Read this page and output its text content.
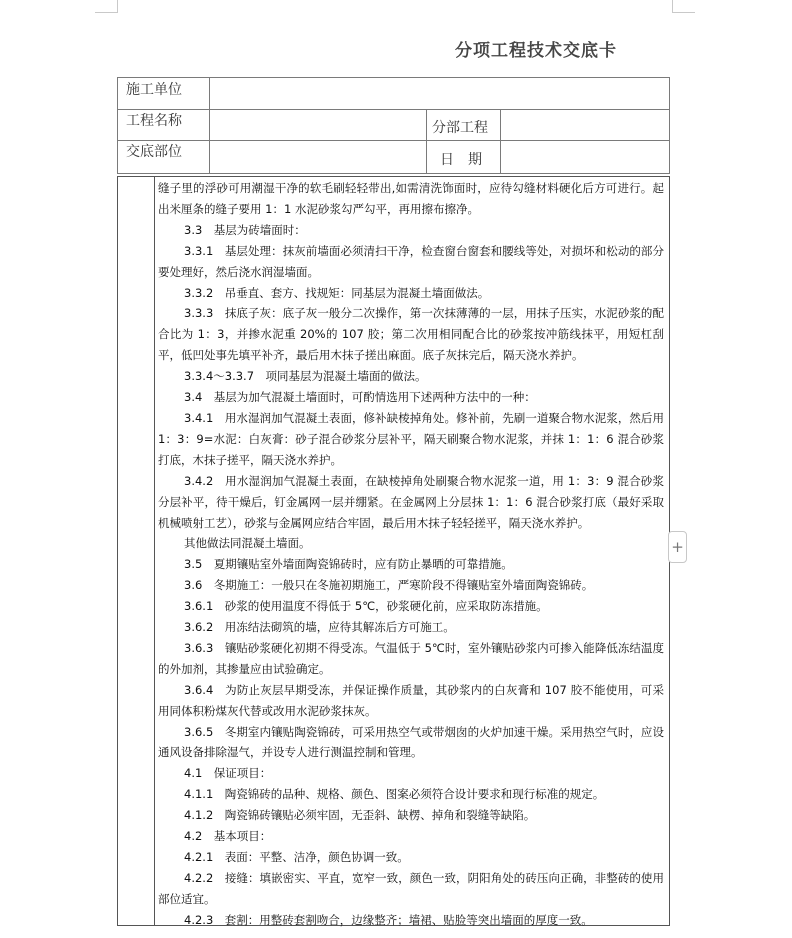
分项工程技术交底卡
施工单位
工程名称	分部工程
交底部位	日　期

缝子里的浮砂可用潮湿干净的软毛刷轻轻带出,如需清洗饰面时，应待勾缝材料硬化后方可进行。起出米厘条的缝子要用 1：1 水泥砂浆勾严勾平，再用擦布擦净。

3.3　基层为砖墙面时：

3.3.1　基层处理：抹灰前墙面必须清扫干净，检查窗台窗套和腰线等处，对损坏和松动的部分要处理好，然后浇水润湿墙面。

3.3.2　吊垂直、套方、找规矩：同基层为混凝土墙面做法。

3.3.3　抹底子灰：底子灰一般分二次操作，第一次抹薄薄的一层，用抹子压实，水泥砂浆的配合比为 1：3，并掺水泥重 20%的 107 胶；第二次用相同配合比的砂浆按冲筋线抹平，用短杠刮平，低凹处事先填平补齐，最后用木抹子搓出麻面。底子灰抹完后，隔天浇水养护。

3.3.4～3.3.7　项同基层为混凝土墙面的做法。

3.4　基层为加气混凝土墙面时，可酌情选用下述两种方法中的一种：

3.4.1　用水湿润加气混凝土表面，修补缺棱掉角处。修补前，先刷一道聚合物水泥浆，然后用 1：3：9=水泥：白灰膏：砂子混合砂浆分层补平，隔天刷聚合物水泥浆，并抹 1：1：6 混合砂浆打底，木抹子搓平，隔天浇水养护。

3.4.2　用水湿润加气混凝土表面，在缺棱掉角处刷聚合物水泥浆一道，用 1：3：9 混合砂浆分层补平，待干燥后，钉金属网一层并绷紧。在金属网上分层抹 1：1：6 混合砂浆打底（最好采取机械喷射工艺），砂浆与金属网应结合牢固，最后用木抹子轻轻搓平，隔天浇水养护。

其他做法同混凝土墙面。

3.5　夏期镶贴室外墙面陶瓷锦砖时，应有防止暴晒的可靠措施。

3.6　冬期施工：一般只在冬施初期施工，严寒阶段不得镶贴室外墙面陶瓷锦砖。

3.6.1　砂浆的使用温度不得低于 5℃，砂浆硬化前，应采取防冻措施。

3.6.2　用冻结法砌筑的墙，应待其解冻后方可施工。

3.6.3　镶贴砂浆硬化初期不得受冻。气温低于 5℃时，室外镶贴砂浆内可掺入能降低冻结温度的外加剂，其掺量应由试验确定。

3.6.4　为防止灰层早期受冻，并保证操作质量，其砂浆内的白灰膏和 107 胶不能使用，可采用同体积粉煤灰代替或改用水泥砂浆抹灰。

3.6.5　冬期室内镶贴陶瓷锦砖，可采用热空气或带烟囱的火炉加速干燥。采用热空气时，应设通风设备排除湿气，并设专人进行测温控制和管理。

4.1　保证项目：

4.1.1　陶瓷锦砖的品种、规格、颜色、图案必须符合设计要求和现行标准的规定。

4.1.2　陶瓷锦砖镶贴必须牢固，无歪斜、缺楞、掉角和裂缝等缺陷。

4.2　基本项目：

4.2.1　表面：平整、洁净，颜色协调一致。

4.2.2　接缝：填嵌密实、平直，宽窄一致，颜色一致，阴阳角处的砖压向正确，非整砖的使用部位适宜。

4.2.3　套割：用整砖套割吻合，边缘整齐；墙裙、贴脸等突出墙面的厚度一致。

+
